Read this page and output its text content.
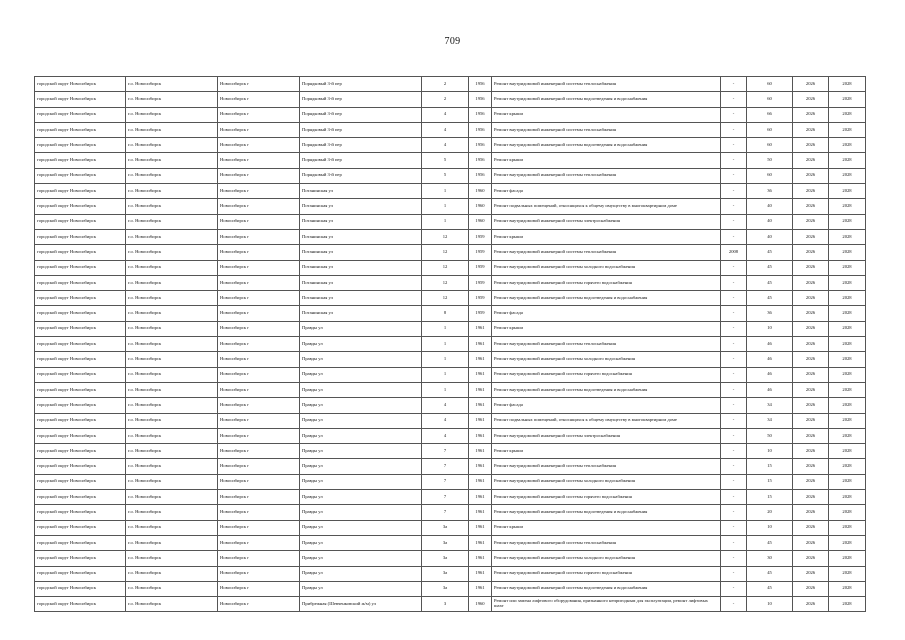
709
городской округ Новосибирск	г.о. Новосибирск	Новосибирск г	Порядковый 3-й пер	2	1956	Ремонт внутридомовой инженерной системы теплоснабжения	-	60	2026	2028
городской округ Новосибирск	г.о. Новосибирск	Новосибирск г	Порядковый 3-й пер	2	1956	Ремонт внутридомовой инженерной системы водоотведения и водоснабжения	-	60	2026	2028
городской округ Новосибирск	г.о. Новосибирск	Новосибирск г	Порядковый 3-й пер	4	1956	Ремонт крыши	-	66	2026	2028
городской округ Новосибирск	г.о. Новосибирск	Новосибирск г	Порядковый 3-й пер	4	1956	Ремонт внутридомовой инженерной системы теплоснабжения	-	60	2026	2028
городской округ Новосибирск	г.о. Новосибирск	Новосибирск г	Порядковый 3-й пер	4	1956	Ремонт внутридомовой инженерной системы водоотведения и водоснабжения	-	60	2026	2028
городской округ Новосибирск	г.о. Новосибирск	Новосибирск г	Порядковый 3-й пер	5	1956	Ремонт крыши	-	50	2026	2028
городской округ Новосибирск	г.о. Новосибирск	Новосибирск г	Порядковый 3-й пер	5	1956	Ремонт внутридомовой инженерной системы теплоснабжения	-	60	2026	2028
городской округ Новосибирск	г.о. Новосибирск	Новосибирск г	Потанинская ул	1	1960	Ремонт фасада	-	36	2026	2028
городской округ Новосибирск	г.о. Новосибирск	Новосибирск г	Потанинская ул	1	1960	Ремонт подвальных помещений, относящихся к общему имуществу в многоквартирном доме	-	40	2026	2028
городской округ Новосибирск	г.о. Новосибирск	Новосибирск г	Потанинская ул	1	1960	Ремонт внутридомовой инженерной системы электроснабжения	-	40	2026	2028
городской округ Новосибирск	г.о. Новосибирск	Новосибирск г	Потанинская ул	12	1959	Ремонт крыши	-	40	2026	2028
городской округ Новосибирск	г.о. Новосибирск	Новосибирск г	Потанинская ул	12	1959	Ремонт внутридомовой инженерной системы теплоснабжения	2008	45	2026	2028
городской округ Новосибирск	г.о. Новосибирск	Новосибирск г	Потанинская ул	12	1959	Ремонт внутридомовой инженерной системы холодного водоснабжения	-	45	2026	2028
городской округ Новосибирск	г.о. Новосибирск	Новосибирск г	Потанинская ул	12	1959	Ремонт внутридомовой инженерной системы горячего водоснабжения	-	45	2026	2028
городской округ Новосибирск	г.о. Новосибирск	Новосибирск г	Потанинская ул	12	1959	Ремонт внутридомовой инженерной системы водоотведения и водоснабжения	-	45	2026	2028
городской округ Новосибирск	г.о. Новосибирск	Новосибирск г	Потанинская ул	8	1959	Ремонт фасада	-	36	2026	2028
городской округ Новосибирск	г.о. Новосибирск	Новосибирск г	Правды ул	1	1961	Ремонт крыши	-	10	2026	2028
городской округ Новосибирск	г.о. Новосибирск	Новосибирск г	Правды ул	1	1961	Ремонт внутридомовой инженерной системы теплоснабжения	-	46	2026	2028
городской округ Новосибирск	г.о. Новосибирск	Новосибирск г	Правды ул	1	1961	Ремонт внутридомовой инженерной системы холодного водоснабжения	-	46	2026	2028
городской округ Новосибирск	г.о. Новосибирск	Новосибирск г	Правды ул	1	1961	Ремонт внутридомовой инженерной системы горячего водоснабжения	-	46	2026	2028
городской округ Новосибирск	г.о. Новосибирск	Новосибирск г	Правды ул	1	1961	Ремонт внутридомовой инженерной системы водоотведения и водоснабжения	-	46	2026	2028
городской округ Новосибирск	г.о. Новосибирск	Новосибирск г	Правды ул	4	1961	Ремонт фасада	-	34	2026	2028
городской округ Новосибирск	г.о. Новосибирск	Новосибирск г	Правды ул	4	1961	Ремонт подвальных помещений, относящихся к общему имуществу в многоквартирном доме	-	34	2026	2028
городской округ Новосибирск	г.о. Новосибирск	Новосибирск г	Правды ул	4	1961	Ремонт внутридомовой инженерной системы электроснабжения	-	50	2026	2028
городской округ Новосибирск	г.о. Новосибирск	Новосибирск г	Правды ул	7	1961	Ремонт крыши	-	10	2026	2028
городской округ Новосибирск	г.о. Новосибирск	Новосибирск г	Правды ул	7	1961	Ремонт внутридомовой инженерной системы теплоснабжения	-	15	2026	2028
городской округ Новосибирск	г.о. Новосибирск	Новосибирск г	Правды ул	7	1961	Ремонт внутридомовой инженерной системы холодного водоснабжения	-	15	2026	2028
городской округ Новосибирск	г.о. Новосибирск	Новосибирск г	Правды ул	7	1961	Ремонт внутридомовой инженерной системы горячего водоснабжения	-	15	2026	2028
городской округ Новосибирск	г.о. Новосибирск	Новосибирск г	Правды ул	7	1961	Ремонт внутридомовой инженерной системы водоотведения и водоснабжения	-	20	2026	2028
городской округ Новосибирск	г.о. Новосибирск	Новосибирск г	Правды ул	3а	1961	Ремонт крыши	-	10	2026	2028
городской округ Новосибирск	г.о. Новосибирск	Новосибирск г	Правды ул	3а	1961	Ремонт внутридомовой инженерной системы теплоснабжения	-	45	2026	2028
городской округ Новосибирск	г.о. Новосибирск	Новосибирск г	Правды ул	3а	1961	Ремонт внутридомовой инженерной системы холодного водоснабжения	-	30	2026	2028
городской округ Новосибирск	г.о. Новосибирск	Новосибирск г	Правды ул	3а	1961	Ремонт внутридомовой инженерной системы горячего водоснабжения	-	45	2026	2028
городской округ Новосибирск	г.о. Новосибирск	Новосибирск г	Правды ул	3а	1961	Ремонт внутридомовой инженерной системы водоотведения и водоснабжения	-	45	2026	2028
городской округ Новосибирск	г.о. Новосибирск	Новосибирск г	Прибрежная (Шевченковский ж/м) ул	3	1960	Ремонт или замена лифтового оборудования, признанного непригодным для эксплуатации, ремонт лифтовых шахт	-	10	2026	2028
